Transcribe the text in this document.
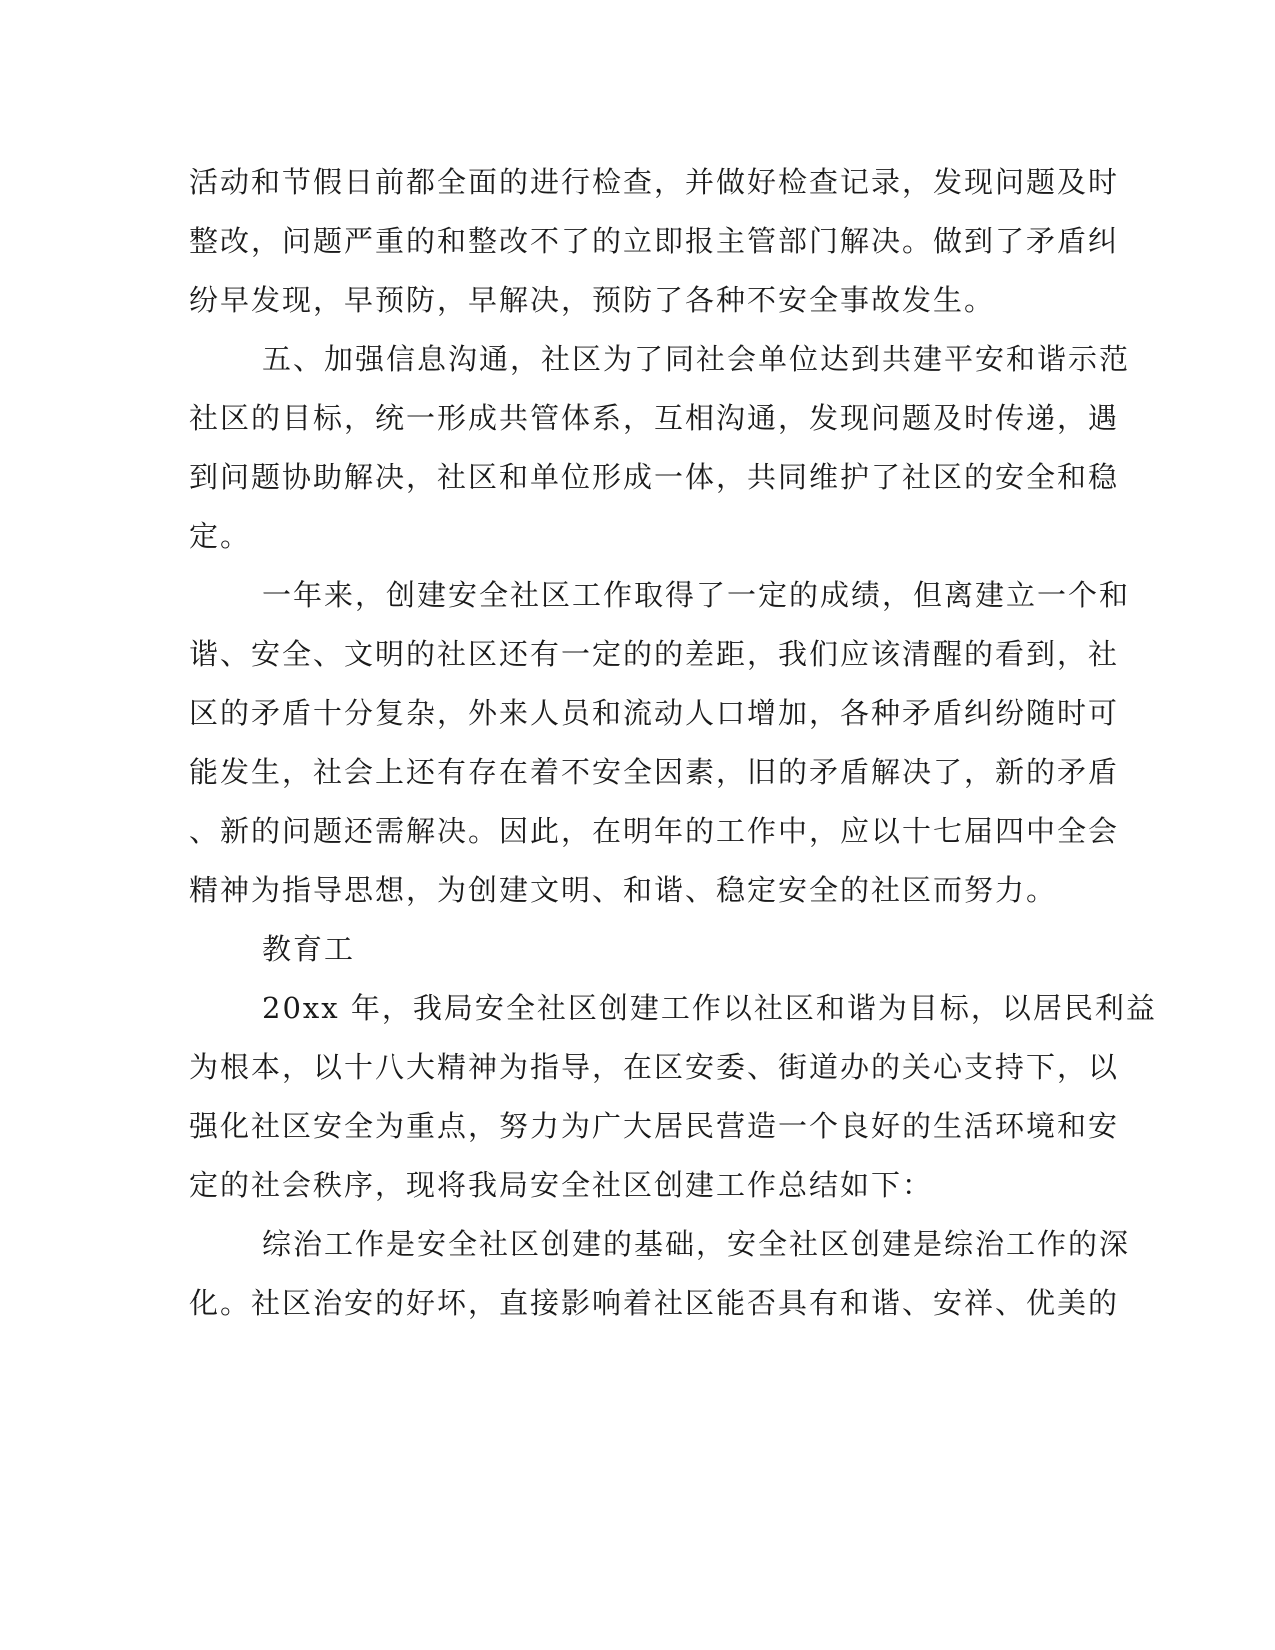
活动和节假日前都全面的进行检查，并做好检查记录，发现问题及时
整改，问题严重的和整改不了的立即报主管部门解决。做到了矛盾纠
纷早发现，早预防，早解决，预防了各种不安全事故发生。
五、加强信息沟通，社区为了同社会单位达到共建平安和谐示范
社区的目标，统一形成共管体系，互相沟通，发现问题及时传递，遇
到问题协助解决，社区和单位形成一体，共同维护了社区的安全和稳
定。
一年来，创建安全社区工作取得了一定的成绩，但离建立一个和
谐、安全、文明的社区还有一定的的差距，我们应该清醒的看到，社
区的矛盾十分复杂，外来人员和流动人口增加，各种矛盾纠纷随时可
能发生，社会上还有存在着不安全因素，旧的矛盾解决了，新的矛盾
、新的问题还需解决。因此，在明年的工作中，应以十七届四中全会
精神为指导思想，为创建文明、和谐、稳定安全的社区而努力。
教育工
20xx 年，我局安全社区创建工作以社区和谐为目标，以居民利益
为根本，以十八大精神为指导，在区安委、街道办的关心支持下，以
强化社区安全为重点，努力为广大居民营造一个良好的生活环境和安
定的社会秩序，现将我局安全社区创建工作总结如下：
综治工作是安全社区创建的基础，安全社区创建是综治工作的深
化。社区治安的好坏，直接影响着社区能否具有和谐、安祥、优美的
